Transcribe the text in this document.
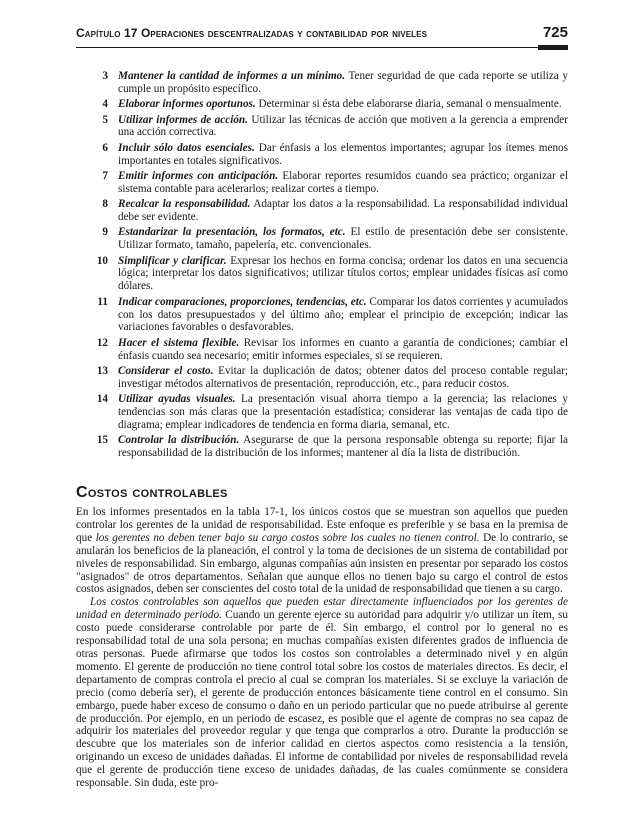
Capítulo 17 Operaciones descentralizadas y contabilidad por niveles	725
3 Mantener la cantidad de informes a un mínimo. Tener seguridad de que cada reporte se utiliza y cumple un propósito específico.
4 Elaborar informes oportunos. Determinar si ésta debe elaborarse diaria, semanal o mensualmente.
5 Utilizar informes de acción. Utilizar las técnicas de acción que motiven a la gerencia a emprender una acción correctiva.
6 Incluir sólo datos esenciales. Dar énfasis a los elementos importantes; agrupar los ítemes menos importantes en totales significativos.
7 Emitir informes con anticipación. Elaborar reportes resumidos cuando sea práctico; organizar el sistema contable para acelerarlos; realizar cortes a tiempo.
8 Recalcar la responsabilidad. Adaptar los datos a la responsabilidad. La responsabilidad individual debe ser evidente.
9 Estandarizar la presentación, los formatos, etc. El estilo de presentación debe ser consistente. Utilizar formato, tamaño, papelería, etc. convencionales.
10 Simplificar y clarificar. Expresar los hechos en forma concisa; ordenar los datos en una secuencia lógica; interpretar los datos significativos; utilizar títulos cortos; emplear unidades físicas así como dólares.
11 Indicar comparaciones, proporciones, tendencias, etc. Comparar los datos corrientes y acumulados con los datos presupuestados y del último año; emplear el principio de excepción; indicar las variaciones favorables o desfavorables.
12 Hacer el sistema flexible. Revisar los informes en cuanto a garantía de condiciones; cambiar el énfasis cuando sea necesario; emitir informes especiales, si se requieren.
13 Considerar el costo. Evitar la duplicación de datos; obtener datos del proceso contable regular; investigar métodos alternativos de presentación, reproducción, etc., para reducir costos.
14 Utilizar ayudas visuales. La presentación visual ahorra tiempo a la gerencia; las relaciones y tendencias son más claras que la presentación estadística; considerar las ventajas de cada tipo de diagrama; emplear indicadores de tendencia en forma diaria, semanal, etc.
15 Controlar la distribución. Asegurarse de que la persona responsable obtenga su reporte; fijar la responsabilidad de la distribución de los informes; mantener al día la lista de distribución.
Costos controlables

En los informes presentados en la tabla 17-1, los únicos costos que se muestran son aquellos que pueden controlar los gerentes de la unidad de responsabilidad. Este enfoque es preferible y se basa en la premisa de que los gerentes no deben tener bajo su cargo costos sobre los cuales no tienen control. De lo contrario, se anularán los beneficios de la planeación, el control y la toma de decisiones de un sistema de contabilidad por niveles de responsabilidad. Sin embargo, algunas compañías aún insisten en presentar por separado los costos "asignados" de otros departamentos. Señalan que aunque ellos no tienen bajo su cargo el control de estos costos asignados, deben ser conscientes del costo total de la unidad de responsabilidad que tienen a su cargo.

Los costos controlables son aquellos que pueden estar directamente influenciados por los gerentes de unidad en determinado periodo. Cuando un gerente ejerce su autoridad para adquirir y/o utilizar un ítem, su costo puede considerarse controlable por parte de él. Sin embargo, el control por lo general no es responsabilidad total de una sola persona; en muchas compañías existen diferentes grados de influencia de otras personas. Puede afirmarse que todos los costos son controlables a determinado nivel y en algún momento. El gerente de producción no tiene control total sobre los costos de materiales directos. Es decir, el departamento de compras controla el precio al cual se compran los materiales. Si se excluye la variación de precio (como debería ser), el gerente de producción entonces básicamente tiene control en el consumo. Sin embargo, puede haber exceso de consumo o daño en un periodo particular que no puede atribuirse al gerente de producción. Por ejemplo, en un periodo de escasez, es posible que el agente de compras no sea capaz de adquirir los materiales del proveedor regular y que tenga que comprarlos a otro. Durante la producción se descubre que los materiales son de inferior calidad en ciertos aspectos como resistencia a la tensión, originando un exceso de unidades dañadas. El informe de contabilidad por niveles de responsabilidad revela que el gerente de producción tiene exceso de unidades dañadas, de las cuales comúnmente se considera responsable. Sin duda, este pro-
